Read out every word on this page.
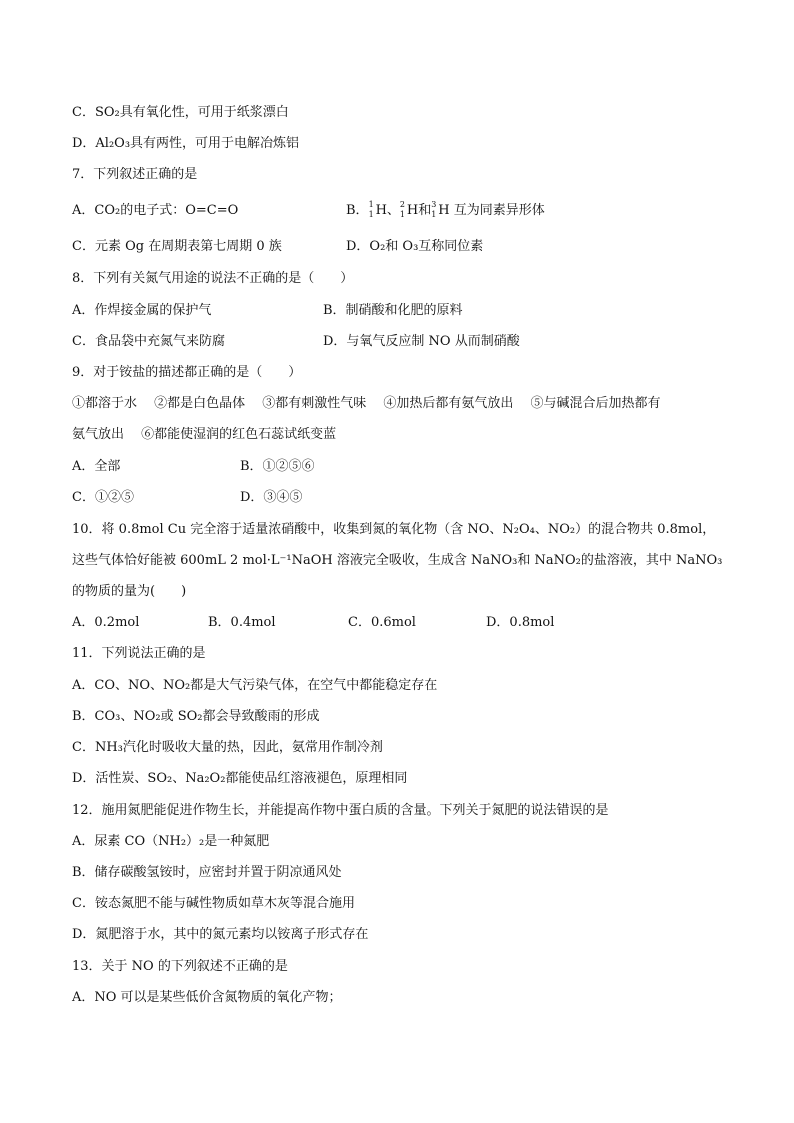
C．SO₂具有氧化性，可用于纸浆漂白
D．Al₂O₃具有两性，可用于电解冶炼铝
7．下列叙述正确的是
A．CO₂的电子式：O=C=O	B． 1
1 H、 2
1 H和 3
1 H 互为同素异形体
C．元素 Og 在周期表第七周期 0 族	D．O₂和 O₃互称同位素
8．下列有关氮气用途的说法不正确的是（　　）
A．作焊接金属的保护气	B．制硝酸和化肥的原料
C．食品袋中充氮气来防腐	D．与氧气反应制 NO 从而制硝酸
9．对于铵盐的描述都正确的是（　　）
①都溶于水　 ②都是白色晶体　 ③都有刺激性气味　 ④加热后都有氨气放出　 ⑤与碱混合后加热都有
氨气放出　 ⑥都能使湿润的红色石蕊试纸变蓝
A．全部	B．①②⑤⑥
C．①②⑤	D．③④⑤
10．将 0.8mol Cu 完全溶于适量浓硝酸中，收集到氮的氧化物（含 NO、N₂O₄、NO₂）的混合物共 0.8mol，
这些气体恰好能被 600mL 2 mol·L⁻¹NaOH 溶液完全吸收，生成含 NaNO₃和 NaNO₂的盐溶液，其中 NaNO₃
的物质的量为(　　)
A．0.2mol	B．0.4mol	C．0.6mol	D．0.8mol
11．下列说法正确的是
A．CO、NO、NO₂都是大气污染气体，在空气中都能稳定存在
B．CO₃、NO₂或 SO₂都会导致酸雨的形成
C．NH₃汽化时吸收大量的热，因此，氨常用作制冷剂
D．活性炭、SO₂、Na₂O₂都能使品红溶液褪色，原理相同
12．施用氮肥能促进作物生长，并能提高作物中蛋白质的含量。下列关于氮肥的说法错误的是
A．尿素 CO（NH₂）₂是一种氮肥
B．储存碳酸氢铵时，应密封并置于阴凉通风处
C．铵态氮肥不能与碱性物质如草木灰等混合施用
D．氮肥溶于水，其中的氮元素均以铵离子形式存在
13．关于 NO 的下列叙述不正确的是
A．NO 可以是某些低价含氮物质的氧化产物；
